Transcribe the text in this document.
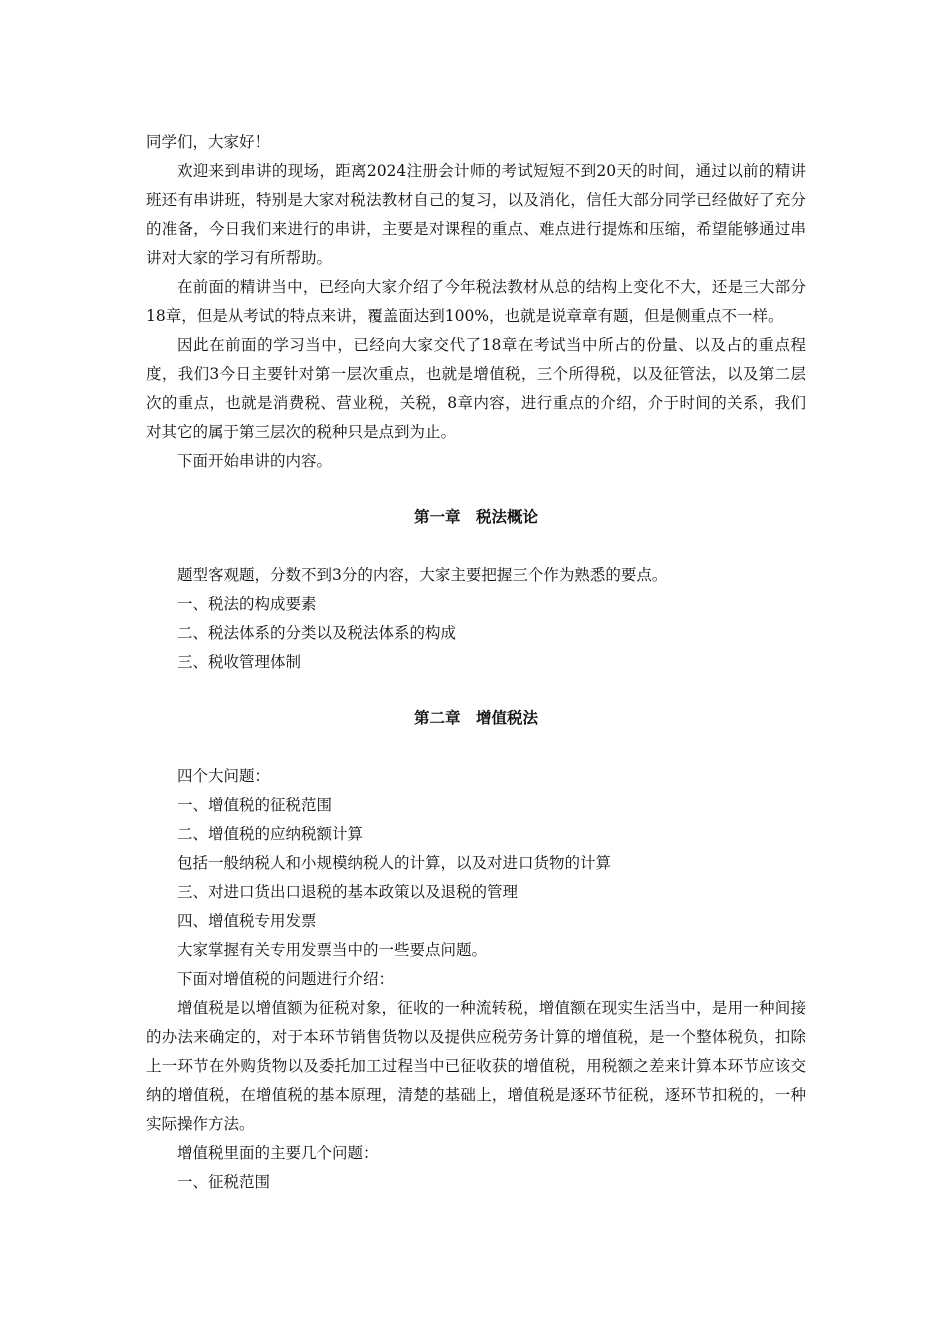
同学们，大家好！

欢迎来到串讲的现场，距离2024注册会计师的考试短短不到20天的时间，通过以前的精讲班还有串讲班，特别是大家对税法教材自己的复习，以及消化，信任大部分同学已经做好了充分的准备，今日我们来进行的串讲，主要是对课程的重点、难点进行提炼和压缩，希望能够通过串讲对大家的学习有所帮助。

在前面的精讲当中，已经向大家介绍了今年税法教材从总的结构上变化不大，还是三大部分18章，但是从考试的特点来讲，覆盖面达到100%，也就是说章章有题，但是侧重点不一样。

因此在前面的学习当中，已经向大家交代了18章在考试当中所占的份量、以及占的重点程度，我们3今日主要针对第一层次重点，也就是增值税，三个所得税，以及征管法，以及第二层次的重点，也就是消费税、营业税，关税，8章内容，进行重点的介绍，介于时间的关系，我们对其它的属于第三层次的税种只是点到为止。

下面开始串讲的内容。

第一章　税法概论

题型客观题，分数不到3分的内容，大家主要把握三个作为熟悉的要点。

一、税法的构成要素

二、税法体系的分类以及税法体系的构成

三、税收管理体制

第二章　增值税法

四个大问题：

一、增值税的征税范围

二、增值税的应纳税额计算

包括一般纳税人和小规模纳税人的计算，以及对进口货物的计算

三、对进口货出口退税的基本政策以及退税的管理

四、增值税专用发票

大家掌握有关专用发票当中的一些要点问题。

下面对增值税的问题进行介绍：

增值税是以增值额为征税对象，征收的一种流转税，增值额在现实生活当中，是用一种间接的办法来确定的，对于本环节销售货物以及提供应税劳务计算的增值税，是一个整体税负，扣除上一环节在外购货物以及委托加工过程当中已征收获的增值税，用税额之差来计算本环节应该交纳的增值税，在增值税的基本原理，清楚的基础上，增值税是逐环节征税，逐环节扣税的，一种实际操作方法。

增值税里面的主要几个问题：

一、征税范围
